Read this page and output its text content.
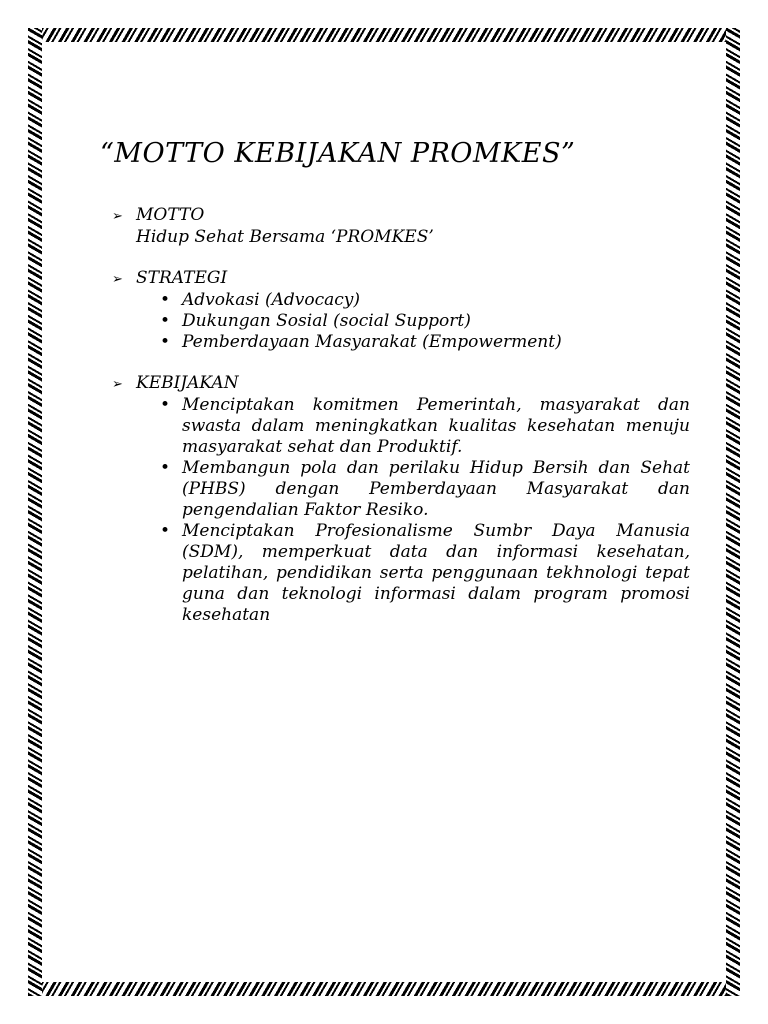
“MOTTO KEBIJAKAN PROMKES”
➢ MOTTO
Hidup Sehat Bersama ‘PROMKES’
➢ STRATEGI
• Advokasi (Advocacy)
• Dukungan Sosial (social Support)
• Pemberdayaan Masyarakat (Empowerment)
➢ KEBIJAKAN
• Menciptakan komitmen Pemerintah, masyarakat dan swasta dalam meningkatkan kualitas kesehatan menuju masyarakat sehat dan Produktif.
• Membangun pola dan perilaku Hidup Bersih dan Sehat (PHBS) dengan Pemberdayaan Masyarakat dan pengendalian Faktor Resiko.
• Menciptakan Profesionalisme Sumbr Daya Manusia (SDM), memperkuat data dan informasi kesehatan, pelatihan, pendidikan serta penggunaan tekhnologi tepat guna dan teknologi informasi dalam program promosi kesehatan
